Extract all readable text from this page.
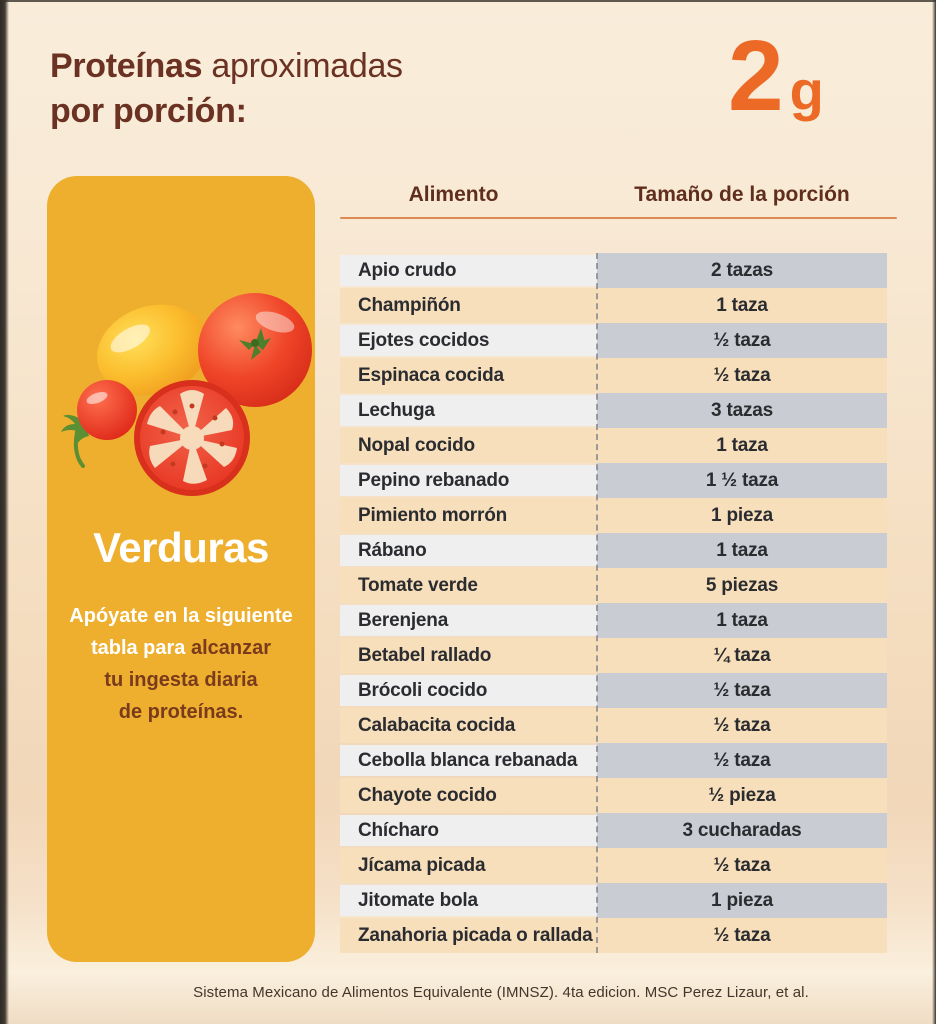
Proteínas aproximadas
por porción:	2 g
Verduras
Apóyate en la siguiente
tabla para alcanzar
tu ingesta diaria
de proteínas.
Alimento	Tamaño de la porción
Apio crudo	2 tazas
Champiñón	1 taza
Ejotes cocidos	½ taza
Espinaca cocida	½ taza
Lechuga	3 tazas
Nopal cocido	1 taza
Pepino rebanado	1 ½ taza
Pimiento morrón	1 pieza
Rábano	1 taza
Tomate verde	5 piezas
Berenjena	1 taza
Betabel rallado	¼ taza
Brócoli cocido	½ taza
Calabacita cocida	½ taza
Cebolla blanca rebanada	½ taza
Chayote cocido	½ pieza
Chícharo	3 cucharadas
Jícama picada	½ taza
Jitomate bola	1 pieza
Zanahoria picada o rallada	½ taza
Sistema Mexicano de Alimentos Equivalente (IMNSZ). 4ta edicion. MSC Perez Lizaur, et al.
